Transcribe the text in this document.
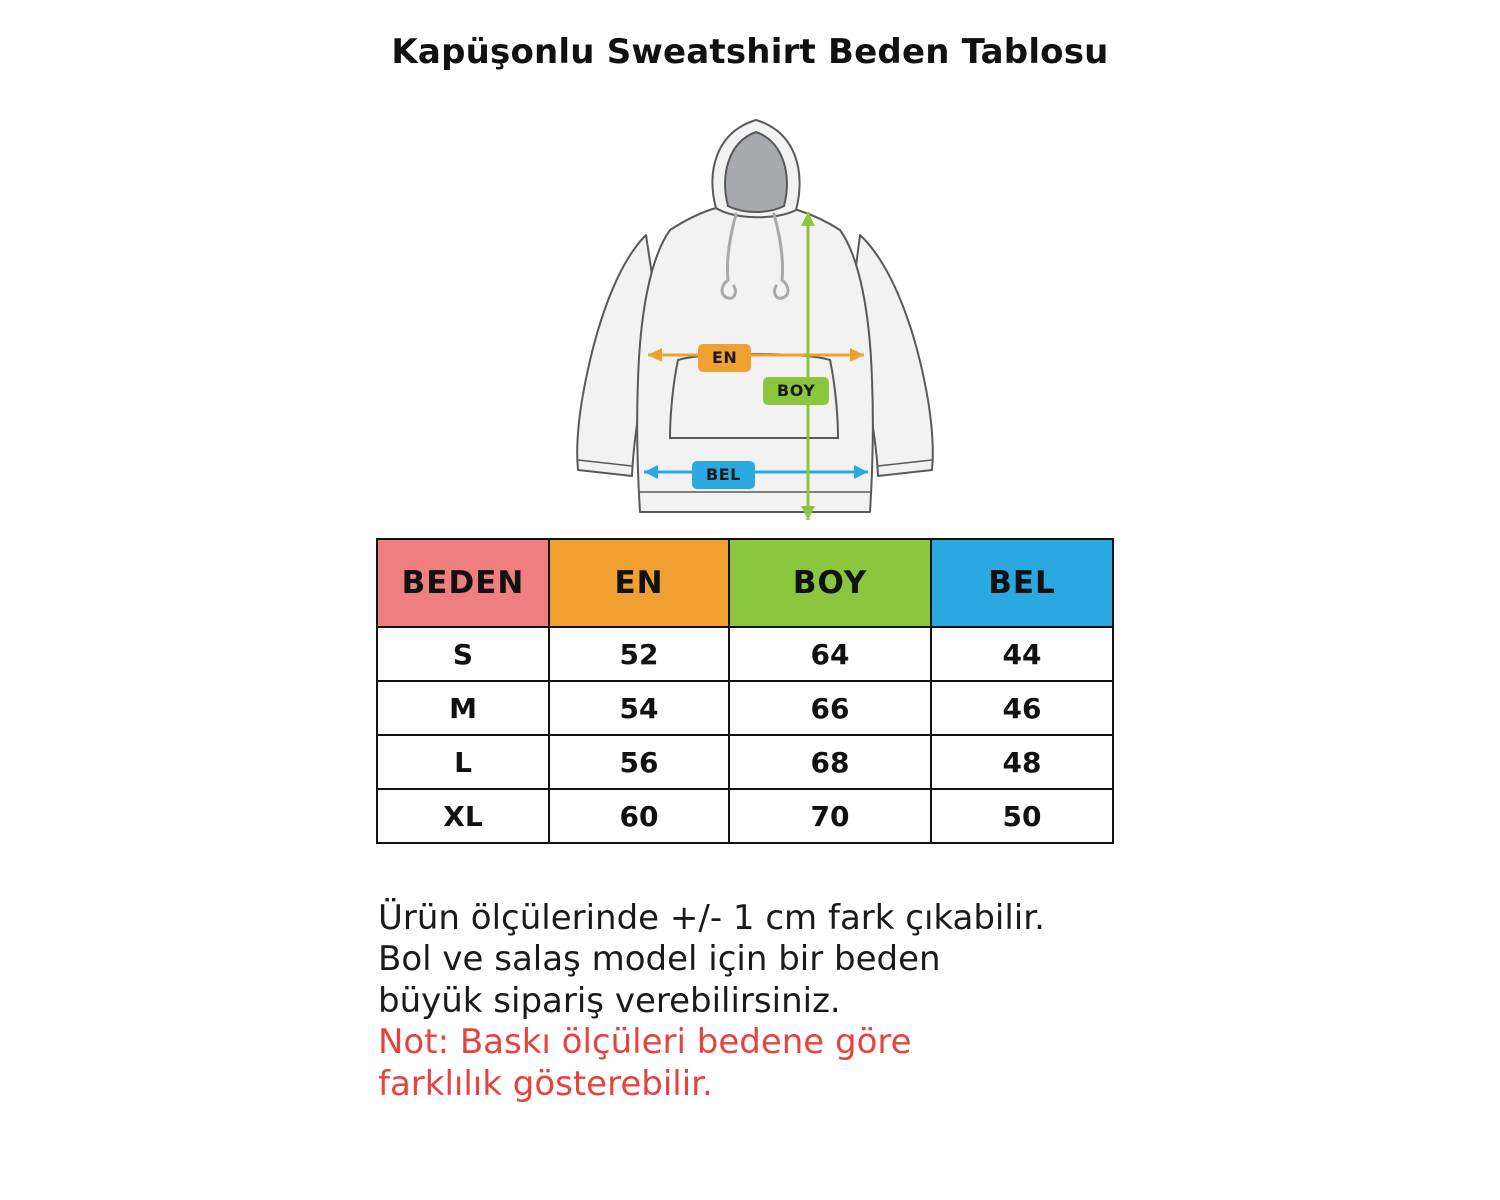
Kapüşonlu Sweatshirt Beden Tablosu
EN
BOY
BEL
BEDEN	EN	BOY	BEL
S	52	64	44
M	54	66	46
L	56	68	48
XL	60	70	50
Ürün ölçülerinde +/- 1 cm fark çıkabilir.
Bol ve salaş model için bir beden
büyük sipariş verebilirsiniz.
Not: Baskı ölçüleri bedene göre
farklılık gösterebilir.
